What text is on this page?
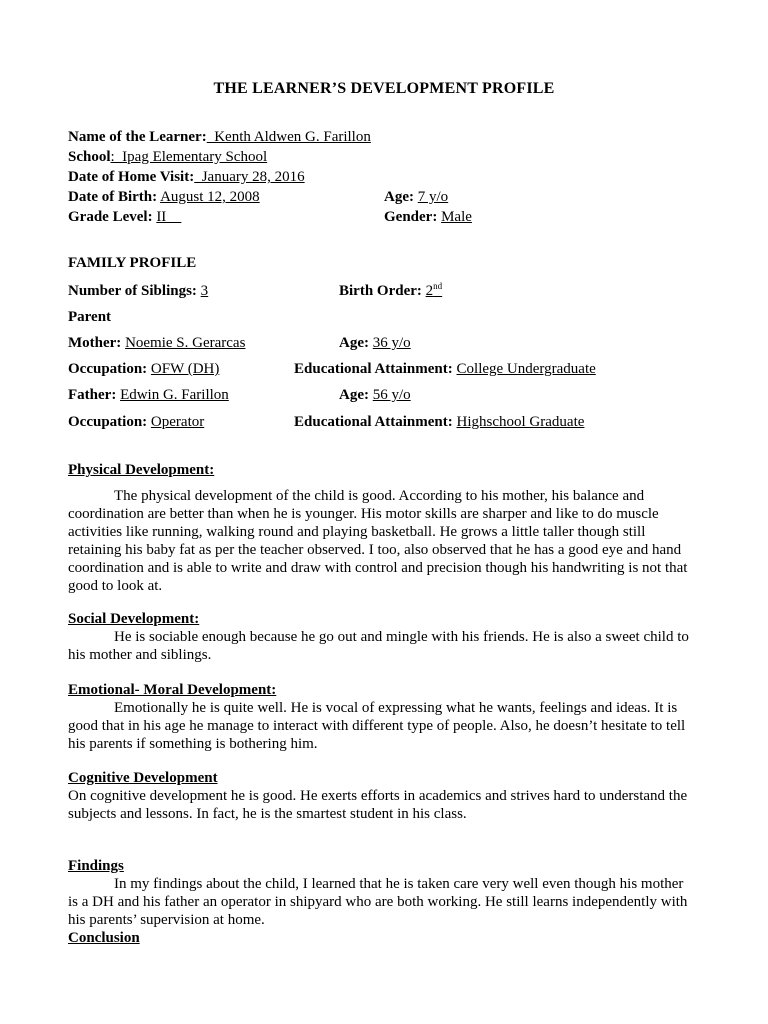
THE LEARNER’S DEVELOPMENT PROFILE
Name of the Learner:  Kenth Aldwen G. Farillon
School:  Ipag Elementary School
Date of Home Visit:  January 28, 2016
Date of Birth: August 12, 2008	Age: 7 y/o
Grade Level: II	Gender: Male
FAMILY PROFILE
Number of Siblings: 3	Birth Order: 2nd
Parent
Mother: Noemie S. Gerarcas	Age: 36 y/o
Occupation: OFW (DH)	Educational Attainment: College Undergraduate
Father: Edwin G. Farillon	Age: 56 y/o
Occupation: Operator	Educational Attainment: Highschool Graduate
Physical Development:
The physical development of the child is good. According to his mother, his balance and coordination are better than when he is younger. His motor skills are sharper and like to do muscle activities like running, walking round and playing basketball. He grows a little taller though still retaining his baby fat as per the teacher observed. I too, also observed that he has a good eye and hand coordination and is able to write and draw with control and precision though his handwriting is not that good to look at.
Social Development:
He is sociable enough because he go out and mingle with his friends. He is also a sweet child to his mother and siblings.
Emotional- Moral Development:
Emotionally he is quite well. He is vocal of expressing what he wants, feelings and ideas. It is good that in his age he manage to interact with different type of people. Also, he doesn’t hesitate to tell his parents if something is bothering him.
Cognitive Development
On cognitive development he is good. He exerts efforts in academics and strives hard to understand the subjects and lessons. In fact, he is the smartest student in his class.
Findings
In my findings about the child, I learned that he is taken care very well even though his mother is a DH and his father an operator in shipyard who are both working. He still learns independently with his parents’ supervision at home.
Conclusion
